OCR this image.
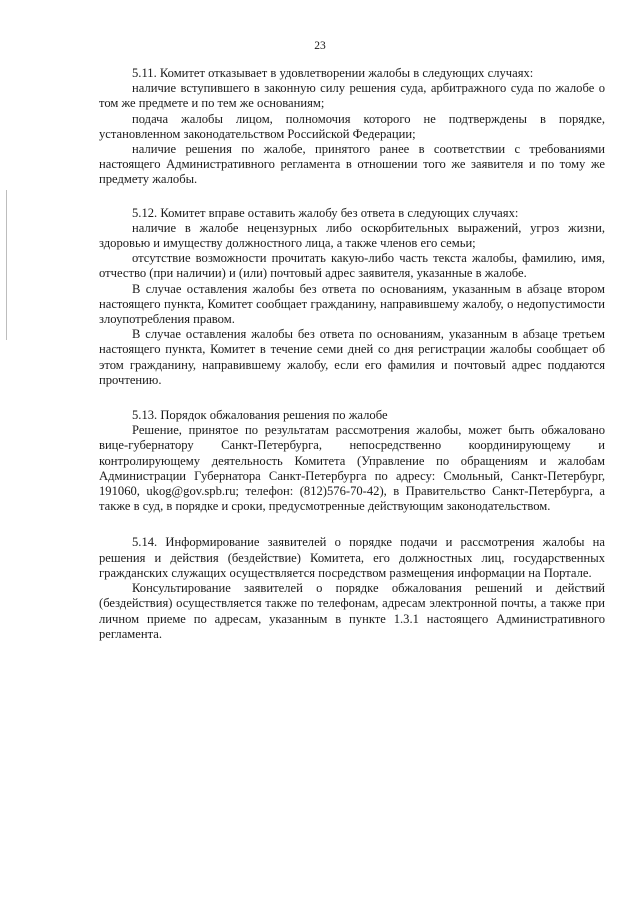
23

5.11. Комитет отказывает в удовлетворении жалобы в следующих случаях:

наличие вступившего в законную силу решения суда, арбитражного суда по жалобе о том же предмете и по тем же основаниям;

подача жалобы лицом, полномочия которого не подтверждены в порядке, установленном законодательством Российской Федерации;

наличие решения по жалобе, принятого ранее в соответствии с требованиями настоящего Административного регламента в отношении того же заявителя и по тому же предмету жалобы.

5.12. Комитет вправе оставить жалобу без ответа в следующих случаях:

наличие в жалобе нецензурных либо оскорбительных выражений, угроз жизни, здоровью и имуществу должностного лица, а также членов его семьи;

отсутствие возможности прочитать какую-либо часть текста жалобы, фамилию, имя, отчество (при наличии) и (или) почтовый адрес заявителя, указанные в жалобе.

В случае оставления жалобы без ответа по основаниям, указанным в абзаце втором настоящего пункта, Комитет сообщает гражданину, направившему жалобу, о недопустимости злоупотребления правом.

В случае оставления жалобы без ответа по основаниям, указанным в абзаце третьем настоящего пункта, Комитет в течение семи дней со дня регистрации жалобы сообщает об этом гражданину, направившему жалобу, если его фамилия и почтовый адрес поддаются прочтению.

5.13. Порядок обжалования решения по жалобе

Решение, принятое по результатам рассмотрения жалобы, может быть обжаловано вице-губернатору Санкт-Петербурга, непосредственно координирующему и контролирующему деятельность Комитета (Управление по обращениям и жалобам Администрации Губернатора Санкт-Петербурга по адресу: Смольный, Санкт-Петербург, 191060, ukog@gov.spb.ru; телефон: (812)576-70-42), в Правительство Санкт-Петербурга, а также в суд, в порядке и сроки, предусмотренные действующим законодательством.

5.14. Информирование заявителей о порядке подачи и рассмотрения жалобы на решения и действия (бездействие) Комитета, его должностных лиц, государственных гражданских служащих осуществляется посредством размещения информации на Портале.

Консультирование заявителей о порядке обжалования решений и действий (бездействия) осуществляется также по телефонам, адресам электронной почты, а также при личном приеме по адресам, указанным в пункте 1.3.1 настоящего Административного регламента.
